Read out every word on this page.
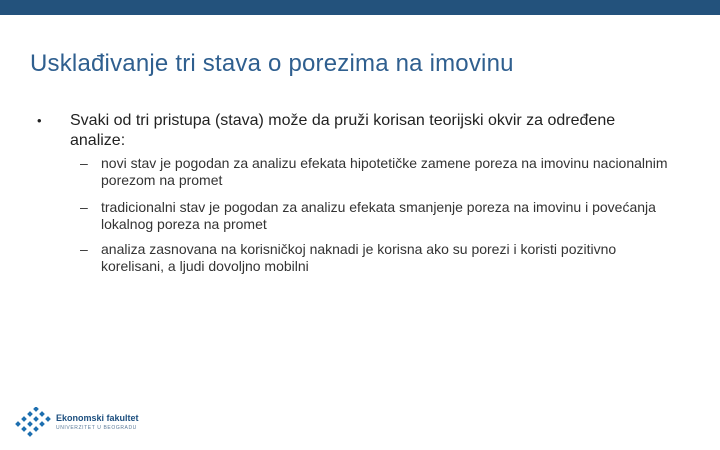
Usklađivanje tri stava o porezima na imovinu
• Svaki od tri pristupa (stava) može da pruži korisan teorijski okvir za određene analize:
– novi stav je pogodan za analizu efekata hipotetičke zamene poreza na imovinu nacionalnim porezom na promet
– tradicionalni stav je pogodan za analizu efekata smanjenje poreza na imovinu i povećanja lokalnog poreza na promet
– analiza zasnovana na korisničkoj naknadi je korisna ako su porezi i koristi pozitivno korelisani, a ljudi dovoljno mobilni
Ekonomski fakultet
UNIVERZITET U BEOGRADU
